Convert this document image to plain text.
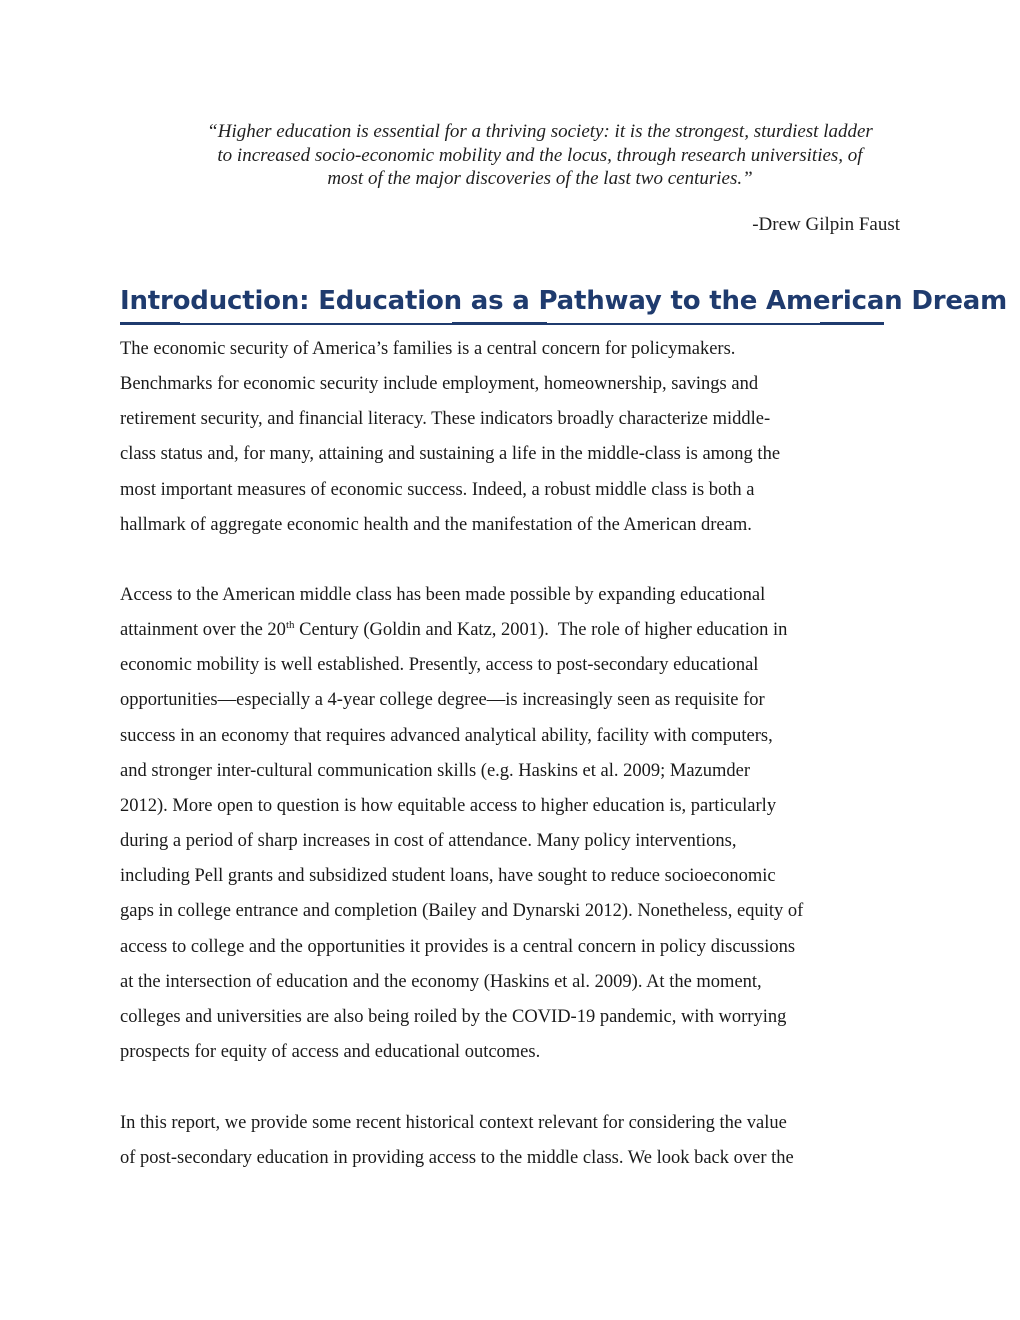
“Higher education is essential for a thriving society: it is the strongest, sturdiest ladder
to increased socio-economic mobility and the locus, through research universities, of
most of the major discoveries of the last two centuries.”
-Drew Gilpin Faust
Introduction: Education as a Pathway to the American Dream
The economic security of America’s families is a central concern for policymakers.
Benchmarks for economic security include employment, homeownership, savings and
retirement security, and financial literacy. These indicators broadly characterize middle-
class status and, for many, attaining and sustaining a life in the middle-class is among the
most important measures of economic success. Indeed, a robust middle class is both a
hallmark of aggregate economic health and the manifestation of the American dream.
Access to the American middle class has been made possible by expanding educational
attainment over the 20th Century (Goldin and Katz, 2001).  The role of higher education in
economic mobility is well established. Presently, access to post-secondary educational
opportunities—especially a 4-year college degree—is increasingly seen as requisite for
success in an economy that requires advanced analytical ability, facility with computers,
and stronger inter-cultural communication skills (e.g. Haskins et al. 2009; Mazumder
2012). More open to question is how equitable access to higher education is, particularly
during a period of sharp increases in cost of attendance. Many policy interventions,
including Pell grants and subsidized student loans, have sought to reduce socioeconomic
gaps in college entrance and completion (Bailey and Dynarski 2012). Nonetheless, equity of
access to college and the opportunities it provides is a central concern in policy discussions
at the intersection of education and the economy (Haskins et al. 2009). At the moment,
colleges and universities are also being roiled by the COVID-19 pandemic, with worrying
prospects for equity of access and educational outcomes.
In this report, we provide some recent historical context relevant for considering the value
of post-secondary education in providing access to the middle class. We look back over the
